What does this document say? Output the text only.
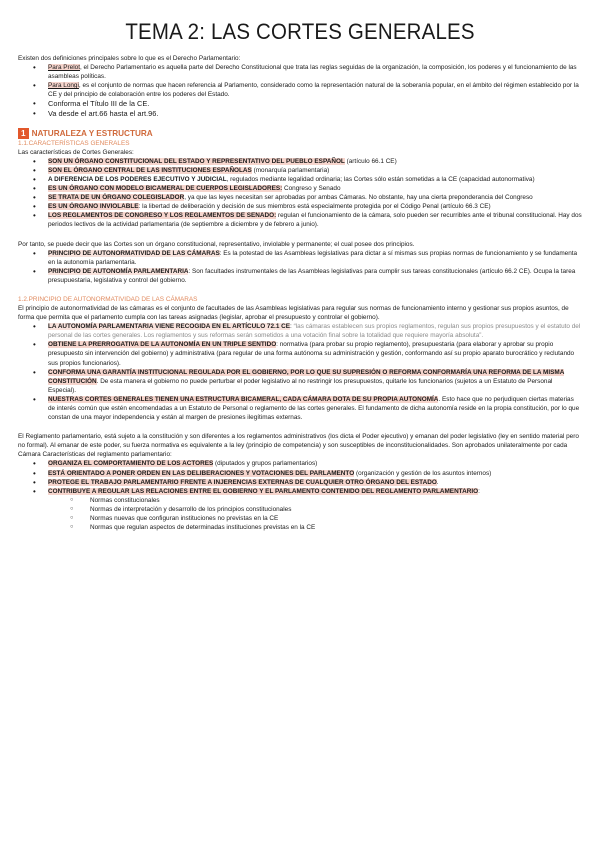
TEMA 2: LAS CORTES GENERALES

Existen dos definiciones principales sobre lo que es el Derecho Parlamentario:

• Para Prelot, el Derecho Parlamentario es aquella parte del Derecho Constitucional que trata las reglas seguidas de la organización, la composición, los poderes y el funcionamiento de las asambleas políticas.
• Para Longi, es el conjunto de normas que hacen referencia al Parlamento, considerado como la representación natural de la soberanía popular, en el ámbito del régimen establecido por la CE y del principio de colaboración entre los poderes del Estado.
• Conforma el Título III de la CE.
• Va desde el art.66 hasta el art.96.
1 NATURALEZA Y ESTRUCTURA
1.1.CARACTERÍSTICAS GENERALES

Las características de Cortes Generales:

• SON UN ÓRGANO CONSTITUCIONAL DEL ESTADO Y REPRESENTATIVO DEL PUEBLO ESPAÑOL (artículo 66.1 CE)
• SON EL ÓRGANO CENTRAL DE LAS INSTITUCIONES ESPAÑOLAS (monarquía parlamentaria)
• A DIFERENCIA DE LOS PODERES EJECUTIVO Y JUDICIAL, regulados mediante legalidad ordinaria; las Cortes sólo están sometidas a la CE (capacidad autonormativa)
• ES UN ÓRGANO CON MODELO BICAMERAL DE CUERPOS LEGISLADORES: Congreso y Senado
• SE TRATA DE UN ÓRGANO COLEGISLADOR, ya que las leyes necesitan ser aprobadas por ambas Cámaras. No obstante, hay una cierta preponderancia del Congreso
• ES UN ÓRGANO INVIOLABLE: la libertad de deliberación y decisión de sus miembros está especialmente protegida por el Código Penal (artículo 66.3 CE)
• LOS REGLAMENTOS DE CONGRESO Y LOS REGLAMENTOS DE SENADO: regulan el funcionamiento de la cámara, solo pueden ser recurribles ante el tribunal constitucional. Hay dos periodos lectivos de la actividad parlamentaria (de septiembre a diciembre y de febrero a junio).

Por tanto, se puede decir que las Cortes son un órgano constitucional, representativo, inviolable y permanente; el cual posee dos principios.

• PRINCIPIO DE AUTONORMATIVIDAD DE LAS CÁMARAS: Es la potestad de las Asambleas legislativas para dictar a sí mismas sus propias normas de funcionamiento y se fundamenta en la autonomía parlamentaria.
• PRINCIPIO DE AUTONOMÍA PARLAMENTARIA: Son facultades instrumentales de las Asambleas legislativas para cumplir sus tareas constitucionales (artículo 66.2 CE). Ocupa la tarea presupuestaria, legislativa y control del gobierno.
1.2.PRINCIPIO DE AUTONORMATIVIDAD DE LAS CÁMARAS

El principio de autonormatividad de las cámaras es el conjunto de facultades de las Asambleas legislativas para regular sus normas de funcionamiento interno y gestionar sus propios asuntos, de forma que permita que el parlamento cumpla con las tareas asignadas (legislar, aprobar el presupuesto y controlar el gobierno).

• LA AUTONOMÍA PARLAMENTARIA VIENE RECOGIDA EN EL ARTÍCULO 72.1 CE: “las cámaras establecen sus propios reglamentos, regulan sus propios presupuestos y el estatuto del personal de las cortes generales. Los reglamentos y sus reformas serán sometidos a una votación final sobre la totalidad que requiere mayoría absoluta”.
• OBTIENE LA PRERROGATIVA DE LA AUTONOMÍA EN UN TRIPLE SENTIDO: normativa (para probar su propio reglamento), presupuestaria (para elaborar y aprobar su propio presupuesto sin intervención del gobierno) y administrativa (para regular de una forma autónoma su administración y gestión, conformando así su propio aparato burocrático y reclutando sus propios funcionarios).
• CONFORMA UNA GARANTÍA INSTITUCIONAL REGULADA POR EL GOBIERNO, POR LO QUE SU SUPRESIÓN O REFORMA CONFORMARÍA UNA REFORMA DE LA MISMA CONSTITUCIÓN. De esta manera el gobierno no puede perturbar el poder legislativo al no restringir los presupuestos, quitarle los funcionarios (sujetos a un Estatuto de Personal Especial).
• NUESTRAS CORTES GENERALES TIENEN UNA ESTRUCTURA BICAMERAL, CADA CÁMARA DOTA DE SU PROPIA AUTONOMÍA. Esto hace que no perjudiquen ciertas materias de interés común que estén encomendadas a un Estatuto de Personal o reglamento de las cortes generales. El fundamento de dicha autonomía reside en la propia constitución, por lo que constan de una mayor independencia y están al margen de presiones ilegítimas externas.

El Reglamento parlamentario, está sujeto a la constitución y son diferentes a los reglamentos administrativos (los dicta el Poder ejecutivo) y emanan del poder legislativo (ley en sentido material pero no formal). Al emanar de este poder, su fuerza normativa es equivalente a la ley (principio de competencia) y son susceptibles de inconstitucionalidades. Son aprobados unilateralmente por cada Cámara Características del reglamento parlamentario:

• ORGANIZA EL COMPORTAMIENTO DE LOS ACTORES (diputados y grupos parlamentarios)
• ESTÁ ORIENTADO A PONER ORDEN EN LAS DELIBERACIONES Y VOTACIONES DEL PARLAMENTO (organización y gestión de los asuntos internos)
• PROTEGE EL TRABAJO PARLAMENTARIO FRENTE A INJERENCIAS EXTERNAS DE CUALQUIER OTRO ÓRGANO DEL ESTADO.
• CONTRIBUYE A REGULAR LAS RELACIONES ENTRE EL GOBIERNO Y EL PARLAMENTO CONTENIDO DEL REGLAMENTO PARLAMENTARIO:
○ Normas constitucionales
○ Normas de interpretación y desarrollo de los principios constitucionales
○ Normas nuevas que configuran instituciones no previstas en la CE
○ Normas que regulan aspectos de determinadas instituciones previstas en la CE
